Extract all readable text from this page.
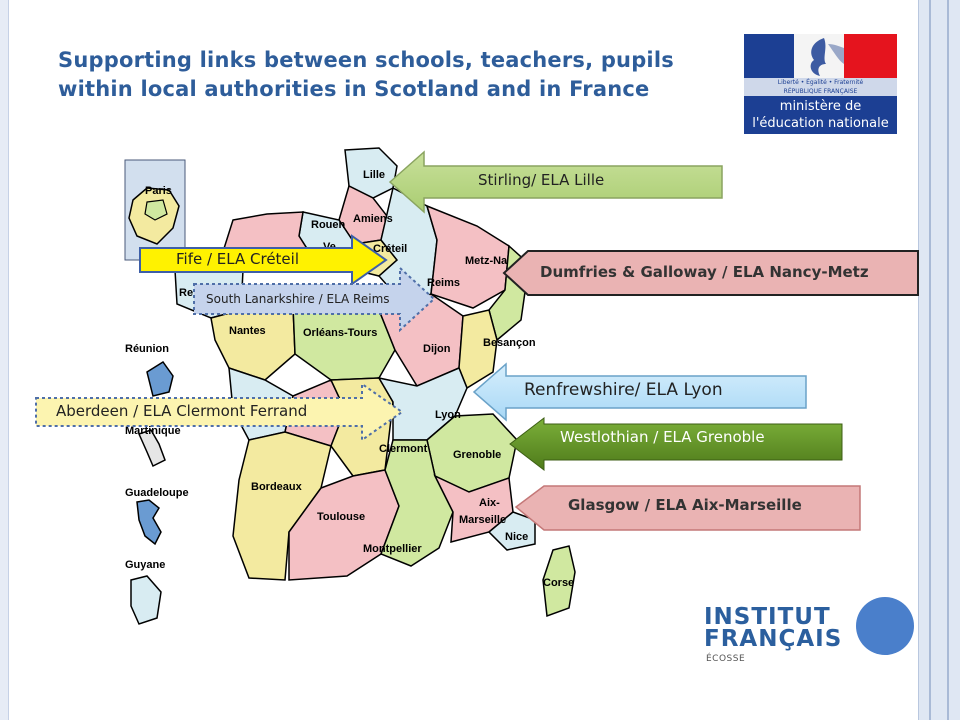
Supporting links between schools, teachers, pupils
within local authorities in Scotland and in France	Liberté • Égalité • Fraternité
RÉPUBLIQUE FRANÇAISE
ministère de
l'éducation nationale
Paris
Lille
Amiens
Rouen
Créteil
Reims
Metz-Na
Re
Nantes	Orléans-Tours
Dijon	Besançon
Lyon
Clermont Grenoble
Bordeaux
Toulouse
Montpellier
Aix-
Marseille
Nice
Corse
Réunion
Martinique
Guadeloupe
Guyane
Stirling/ ELA Lille
Dumfries & Galloway / ELA Nancy-Metz
Fife / ELA Créteil
South Lanarkshire / ELA Reims
Renfrewshire/ ELA Lyon
Aberdeen / ELA Clermont Ferrand
Westlothian / ELA Grenoble
Glasgow / ELA Aix-Marseille
INSTITUT
FRANÇAIS
ÉCOSSE
